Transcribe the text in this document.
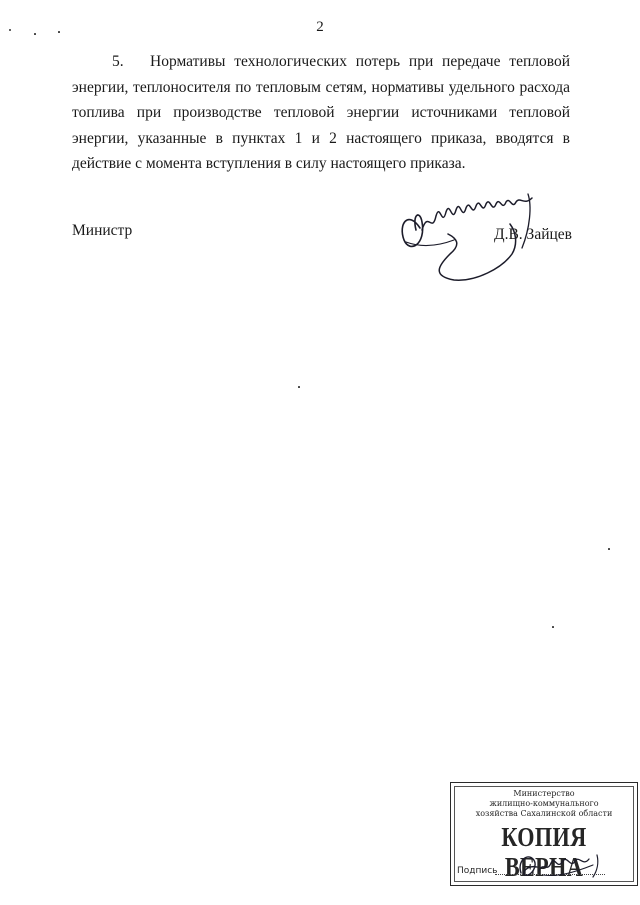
2

5. Нормативы технологических потерь при передаче тепловой энергии, теплоносителя по тепловым сетям, нормативы удельного расхода топлива при производстве тепловой энергии источниками тепловой энергии, указанные в пунктах 1 и 2 настоящего приказа, вводятся в действие с момента вступления в силу настоящего приказа.

Министр	Д.В. Зайцев
Министерство
жилищно-коммунального
хозяйства Сахалинской области
КОПИЯ ВЕРНА
Подпись
